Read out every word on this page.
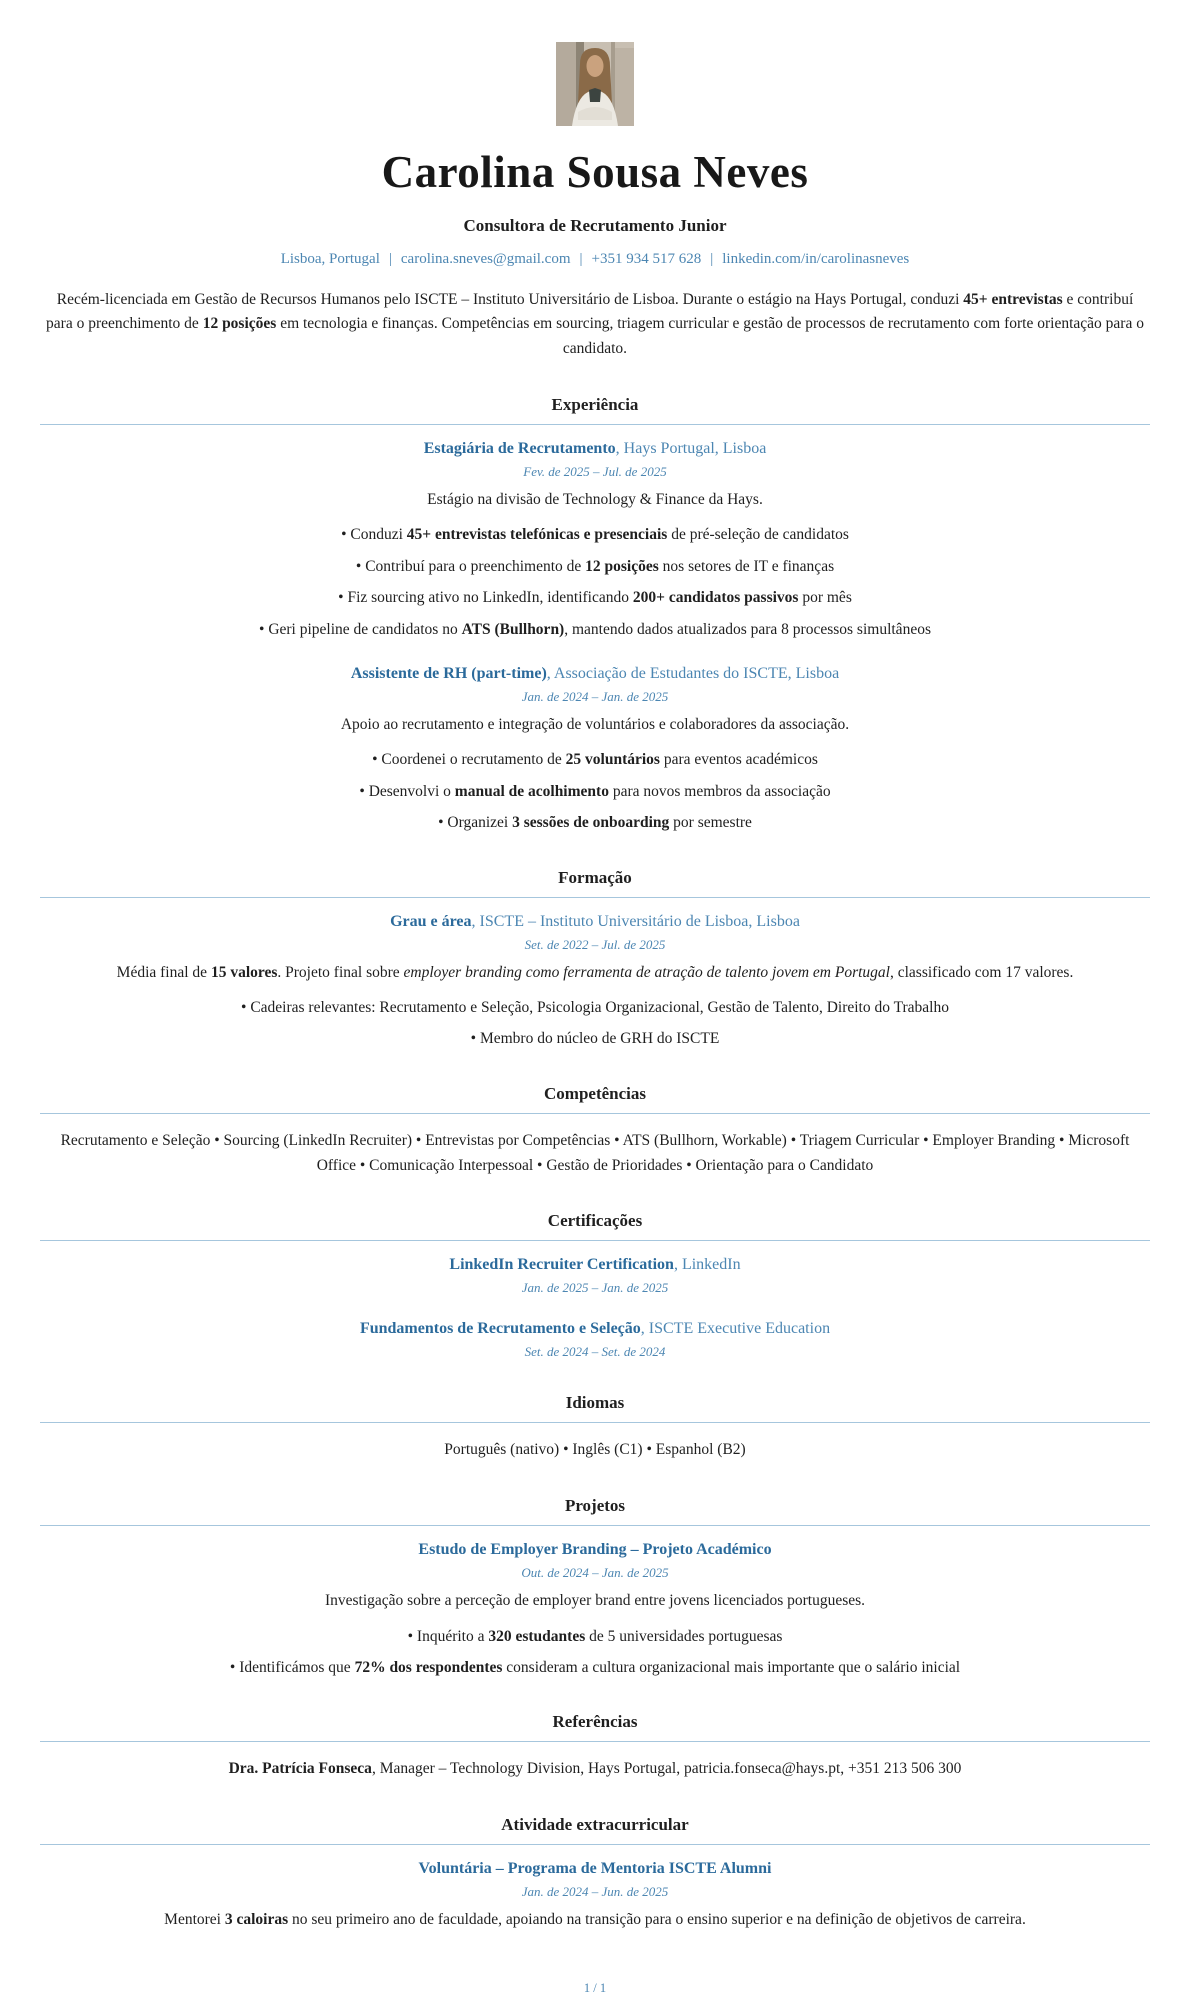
Carolina Sousa Neves
Consultora de Recrutamento Junior
Lisboa, Portugal | carolina.sneves@gmail.com | +351 934 517 628 | linkedin.com/in/carolinasneves
Recém-licenciada em Gestão de Recursos Humanos pelo ISCTE – Instituto Universitário de Lisboa. Durante o estágio na Hays Portugal, conduzi 45+ entrevistas e contribuí para o preenchimento de 12 posições em tecnologia e finanças. Competências em sourcing, triagem curricular e gestão de processos de recrutamento com forte orientação para o candidato.
Experiência
Estagiária de Recrutamento, Hays Portugal, Lisboa
Fev. de 2025 – Jul. de 2025
Estágio na divisão de Technology & Finance da Hays.
• Conduzi 45+ entrevistas telefónicas e presenciais de pré-seleção de candidatos
• Contribuí para o preenchimento de 12 posições nos setores de IT e finanças
• Fiz sourcing ativo no LinkedIn, identificando 200+ candidatos passivos por mês
• Geri pipeline de candidatos no ATS (Bullhorn), mantendo dados atualizados para 8 processos simultâneos
Assistente de RH (part-time), Associação de Estudantes do ISCTE, Lisboa
Jan. de 2024 – Jan. de 2025
Apoio ao recrutamento e integração de voluntários e colaboradores da associação.
• Coordenei o recrutamento de 25 voluntários para eventos académicos
• Desenvolvi o manual de acolhimento para novos membros da associação
• Organizei 3 sessões de onboarding por semestre
Formação
Grau e área, ISCTE – Instituto Universitário de Lisboa, Lisboa
Set. de 2022 – Jul. de 2025
Média final de 15 valores. Projeto final sobre employer branding como ferramenta de atração de talento jovem em Portugal, classificado com 17 valores.
• Cadeiras relevantes: Recrutamento e Seleção, Psicologia Organizacional, Gestão de Talento, Direito do Trabalho
• Membro do núcleo de GRH do ISCTE
Competências
Recrutamento e Seleção • Sourcing (LinkedIn Recruiter) • Entrevistas por Competências • ATS (Bullhorn, Workable) • Triagem Curricular • Employer Branding • Microsoft Office • Comunicação Interpessoal • Gestão de Prioridades • Orientação para o Candidato
Certificações
LinkedIn Recruiter Certification, LinkedIn
Jan. de 2025 – Jan. de 2025
Fundamentos de Recrutamento e Seleção, ISCTE Executive Education
Set. de 2024 – Set. de 2024
Idiomas
Português (nativo) • Inglês (C1) • Espanhol (B2)
Projetos
Estudo de Employer Branding – Projeto Académico
Out. de 2024 – Jan. de 2025
Investigação sobre a perceção de employer brand entre jovens licenciados portugueses.
• Inquérito a 320 estudantes de 5 universidades portuguesas
• Identificámos que 72% dos respondentes consideram a cultura organizacional mais importante que o salário inicial
Referências
Dra. Patrícia Fonseca, Manager – Technology Division, Hays Portugal, patricia.fonseca@hays.pt, +351 213 506 300
Atividade extracurricular
Voluntária – Programa de Mentoria ISCTE Alumni
Jan. de 2024 – Jun. de 2025
Mentorei 3 caloiras no seu primeiro ano de faculdade, apoiando na transição para o ensino superior e na definição de objetivos de carreira.
1 / 1
